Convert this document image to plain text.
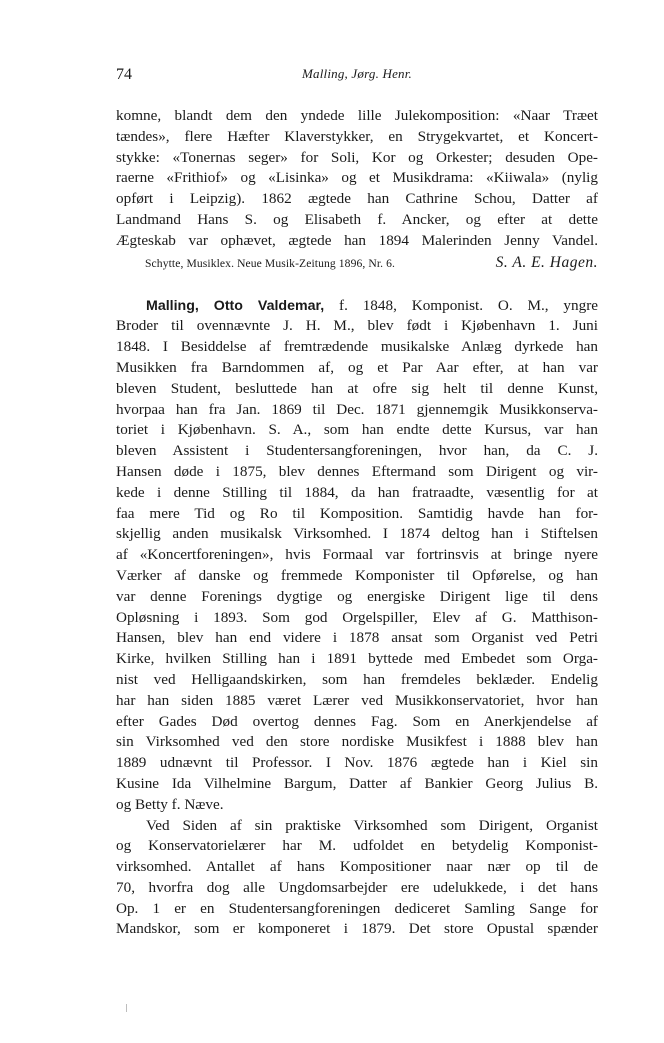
74	Malling, Jørg. Henr.
komne, blandt dem den yndede lille Julekomposition: «Naar Træet
tændes», flere Hæfter Klaverstykker, en Strygekvartet, et Koncert-
stykke: «Tonernas seger» for Soli, Kor og Orkester; desuden Ope-
raerne «Frithiof» og «Lisinka» og et Musikdrama: «Kiiwala» (nylig
opført i Leipzig). 1862 ægtede han Cathrine Schou, Datter af
Landmand Hans S. og Elisabeth f. Ancker, og efter at dette
Ægteskab var ophævet, ægtede han 1894 Malerinden Jenny Vandel.
Schytte, Musiklex. Neue Musik-Zeitung 1896, Nr. 6.	S. A. E. Hagen.
Malling, Otto Valdemar, f. 1848, Komponist. O. M., yngre
Broder til ovennævnte J. H. M., blev født i Kjøbenhavn 1. Juni
1848. I Besiddelse af fremtrædende musikalske Anlæg dyrkede han
Musikken fra Barndommen af, og et Par Aar efter, at han var
bleven Student, besluttede han at ofre sig helt til denne Kunst,
hvorpaa han fra Jan. 1869 til Dec. 1871 gjennemgik Musikkonserva-
toriet i Kjøbenhavn. S. A., som han endte dette Kursus, var han
bleven Assistent i Studentersangforeningen, hvor han, da C. J.
Hansen døde i 1875, blev dennes Eftermand som Dirigent og vir-
kede i denne Stilling til 1884, da han fratraadte, væsentlig for at
faa mere Tid og Ro til Komposition. Samtidig havde han for-
skjellig anden musikalsk Virksomhed. I 1874 deltog han i Stiftelsen
af «Koncertforeningen», hvis Formaal var fortrinsvis at bringe nyere
Værker af danske og fremmede Komponister til Opførelse, og han
var denne Forenings dygtige og energiske Dirigent lige til dens
Opløsning i 1893. Som god Orgelspiller, Elev af G. Matthison-
Hansen, blev han end videre i 1878 ansat som Organist ved Petri
Kirke, hvilken Stilling han i 1891 byttede med Embedet som Orga-
nist ved Helligaandskirken, som han fremdeles beklæder. Endelig
har han siden 1885 været Lærer ved Musikkonservatoriet, hvor han
efter Gades Død overtog dennes Fag. Som en Anerkjendelse af
sin Virksomhed ved den store nordiske Musikfest i 1888 blev han
1889 udnævnt til Professor. I Nov. 1876 ægtede han i Kiel sin
Kusine Ida Vilhelmine Bargum, Datter af Bankier Georg Julius B.
og Betty f. Næve.
Ved Siden af sin praktiske Virksomhed som Dirigent, Organist
og Konservatorielærer har M. udfoldet en betydelig Komponist-
virksomhed. Antallet af hans Kompositioner naar nær op til de
70, hvorfra dog alle Ungdomsarbejder ere udelukkede, i det hans
Op. 1 er en Studentersangforeningen dediceret Samling Sange for
Mandskor, som er komponeret i 1879. Det store Opustal spænder
